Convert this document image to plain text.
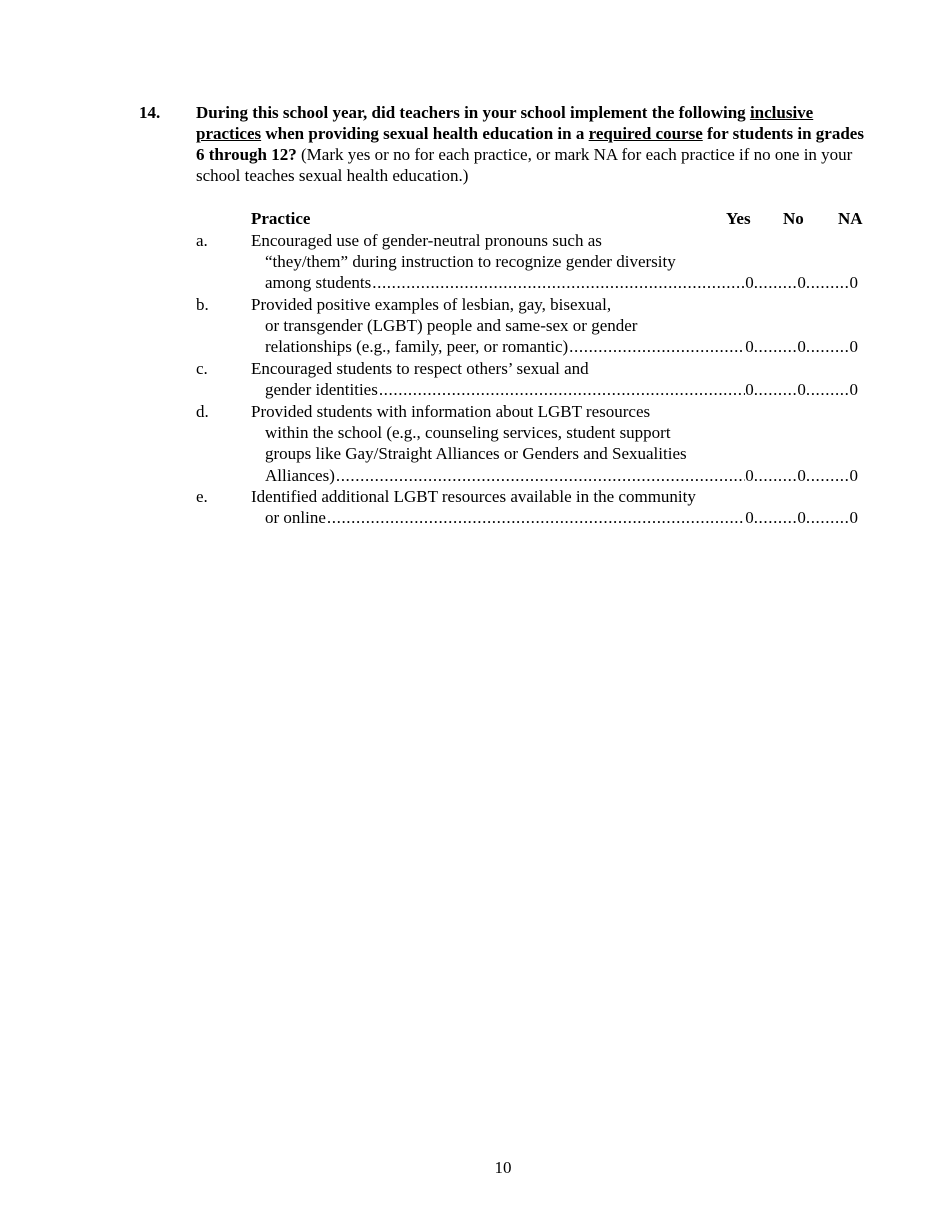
14. During this school year, did teachers in your school implement the following inclusive practices when providing sexual health education in a required course for students in grades 6 through 12? (Mark yes or no for each practice, or mark NA for each practice if no one in your school teaches sexual health education.)
Practice	Yes No NA
a.	Encouraged use of gender-neutral pronouns such as
“they/them” during instruction to recognize gender diversity
among students .....	0 ......... 0 ......... 0
b. Provided positive examples of lesbian, gay, bisexual,
or transgender (LGBT) people and same-sex or gender
relationships (e.g., family, peer, or romantic) .....	0 ......... 0 ......... 0
c.	Encouraged students to respect others’ sexual and
gender identities .....	0 ......... 0 ......... 0
d. Provided students with information about LGBT resources
within the school (e.g., counseling services, student support
groups like Gay/Straight Alliances or Genders and Sexualities
Alliances) .....	0 ......... 0 ......... 0
e.	Identified additional LGBT resources available in the community
or online .....	0 ......... 0 ......... 0
10
